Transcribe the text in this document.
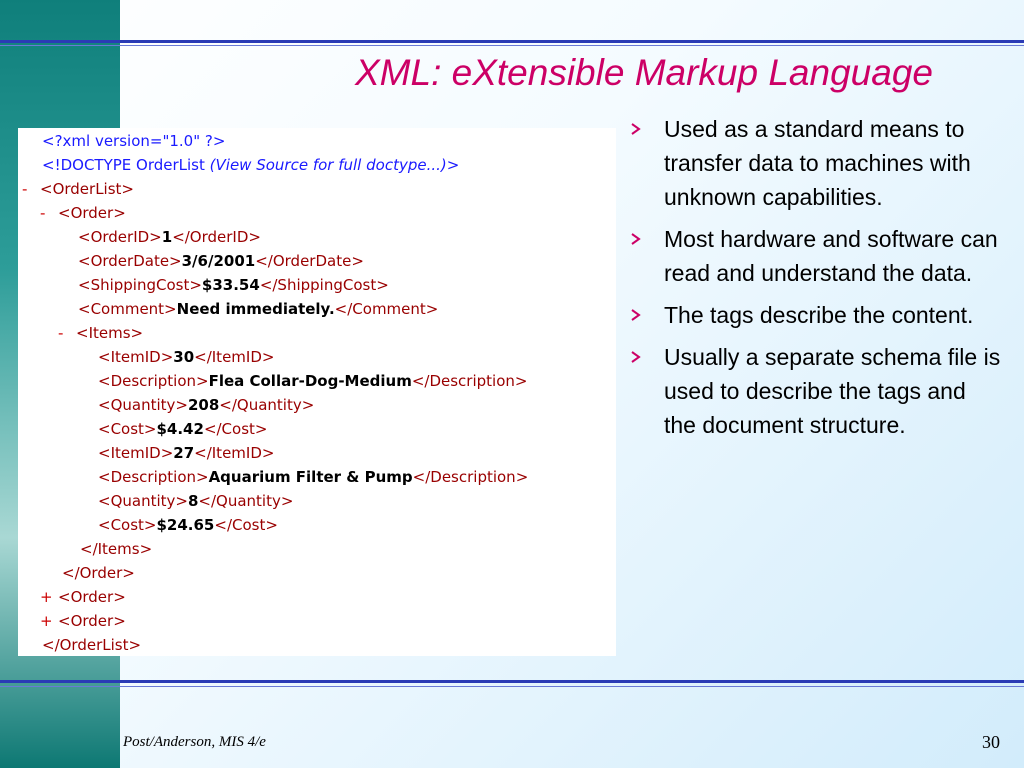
XML: eXtensible Markup Language
<?xml version="1.0" ?>
<!DOCTYPE OrderList (View Source for full doctype...)>
- <OrderList>
- <Order>
<OrderID>1</OrderID>
<OrderDate>3/6/2001</OrderDate>
<ShippingCost>$33.54</ShippingCost>
<Comment>Need immediately.</Comment>
- <Items>
<ItemID>30</ItemID>
<Description>Flea Collar-Dog-Medium</Description>
<Quantity>208</Quantity>
<Cost>$4.42</Cost>
<ItemID>27</ItemID>
<Description>Aquarium Filter & Pump</Description>
<Quantity>8</Quantity>
<Cost>$24.65</Cost>
</Items>
</Order>
+ <Order>
+ <Order>
</OrderList>
Used as a standard means to transfer data to machines with unknown capabilities.
Most hardware and software can read and understand the data.
The tags describe the content.
Usually a separate schema file is used to describe the tags and the document structure.
Post/Anderson, MIS 4/e	30
